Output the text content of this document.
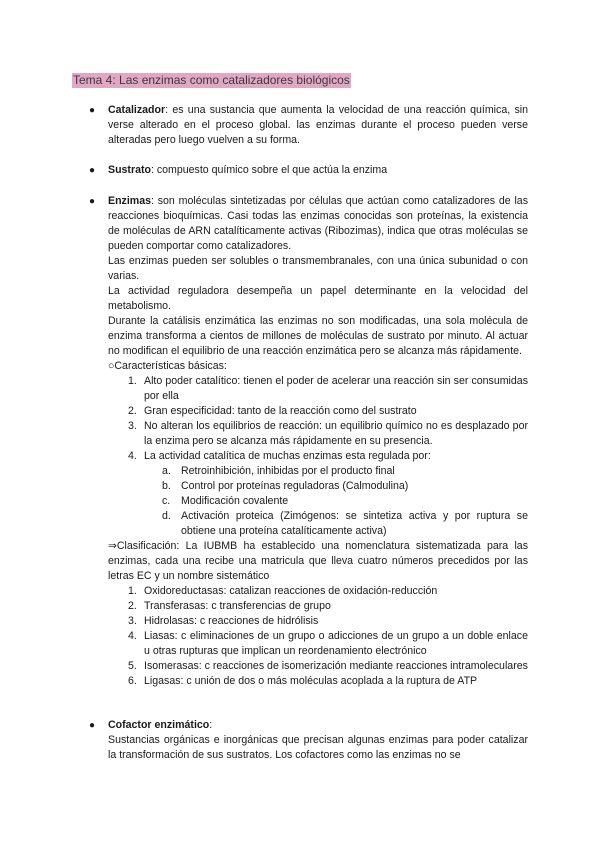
Tema 4: Las enzimas como catalizadores biológicos
● Catalizador: es una sustancia que aumenta la velocidad de una reacción química, sin verse alterado en el proceso global. las enzimas durante el proceso pueden verse alteradas pero luego vuelven a su forma.

● Sustrato: compuesto químico sobre el que actúa la enzima

● Enzimas: son moléculas sintetizadas por células que actúan como catalizadores de las reacciones bioquímicas. Casi todas las enzimas conocidas son proteínas, la existencia de moléculas de ARN catalíticamente activas (Ribozimas), indica que otras moléculas se pueden comportar como catalizadores.

Las enzimas pueden ser solubles o transmembranales, con una única subunidad o con varias.

La actividad reguladora desempeña un papel determinante en la velocidad del metabolismo.

Durante la catálisis enzimática las enzimas no son modificadas, una sola molécula de enzima transforma a cientos de millones de moléculas de sustrato por minuto. Al actuar no modifican el equilibrio de una reacción enzimática pero se alcanza más rápidamente.

○Características básicas:

1. Alto poder catalítico: tienen el poder de acelerar una reacción sin ser consumidas por ella
2. Gran especificidad: tanto de la reacción como del sustrato
3. No alteran los equilibrios de reacción: un equilibrio químico no es desplazado por la enzima pero se alcanza más rápidamente en su presencia.
4. La actividad catalítica de muchas enzimas esta regulada por:
a. Retroinhibición, inhibidas por el producto final
b. Control por proteínas reguladoras (Calmodulina)
c. Modificación covalente
d. Activación proteica (Zimógenos: se sintetiza activa y por ruptura se obtiene una proteína catalíticamente activa)

⇒Clasificación: La IUBMB ha establecido una nomenclatura sistematizada para las enzimas, cada una recibe una matricula que lleva cuatro números precedidos por las letras EC y un nombre sistemático

1. Oxidoreductasas: catalizan reacciones de oxidación-reducción
2. Transferasas: c transferencias de grupo
3. Hidrolasas: c reacciones de hidrólisis
4. Liasas: c eliminaciones de un grupo o adicciones de un grupo a un doble enlace u otras rupturas que implican un reordenamiento electrónico
5. Isomerasas: c reacciones de isomerización mediante reacciones intramoleculares
6. Ligasas: c unión de dos o más moléculas acoplada a la ruptura de ATP
● Cofactor enzimático:

Sustancias orgánicas e inorgánicas que precisan algunas enzimas para poder catalizar la transformación de sus sustratos. Los cofactores como las enzimas no se
